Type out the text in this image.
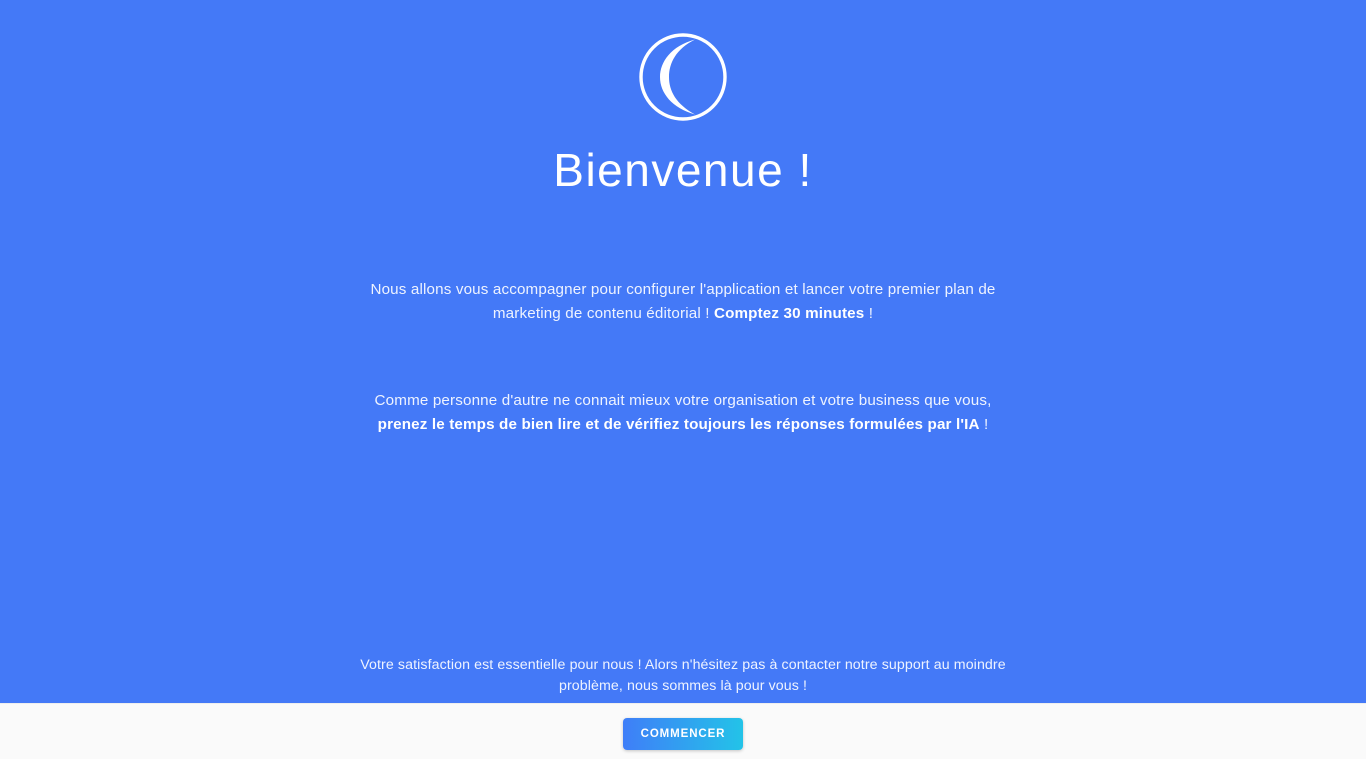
Bienvenue !

Nous allons vous accompagner pour configurer l'application et lancer votre premier plan de marketing de contenu éditorial ! Comptez 30 minutes !

Comme personne d'autre ne connait mieux votre organisation et votre business que vous, prenez le temps de bien lire et de vérifiez toujours les réponses formulées par l'IA !

Votre satisfaction est essentielle pour nous ! Alors n'hésitez pas à contacter notre support au moindre problème, nous sommes là pour vous !

COMMENCER
